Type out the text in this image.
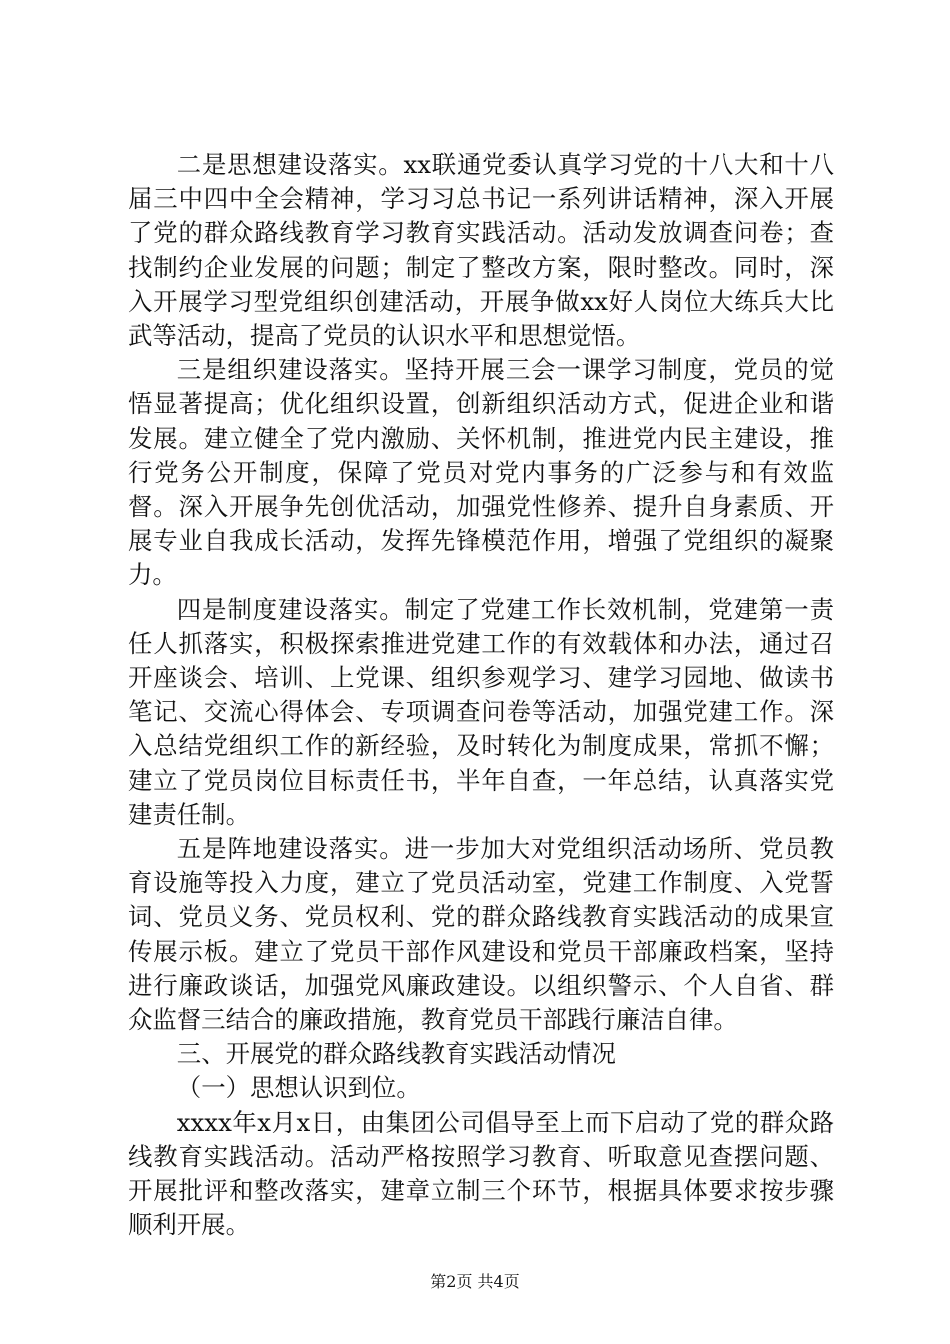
二是思想建设落实。xx联通党委认真学习党的十八大和十八届三中四中全会精神，学习习总书记一系列讲话精神，深入开展了党的群众路线教育学习教育实践活动。活动发放调查问卷；查找制约企业发展的问题；制定了整改方案，限时整改。同时，深入开展学习型党组织创建活动，开展争做xx好人岗位大练兵大比武等活动，提高了党员的认识水平和思想觉悟。

三是组织建设落实。坚持开展三会一课学习制度，党员的觉悟显著提高；优化组织设置，创新组织活动方式，促进企业和谐发展。建立健全了党内激励、关怀机制，推进党内民主建设，推行党务公开制度，保障了党员对党内事务的广泛参与和有效监督。深入开展争先创优活动，加强党性修养、提升自身素质、开展专业自我成长活动，发挥先锋模范作用，增强了党组织的凝聚力。

四是制度建设落实。制定了党建工作长效机制，党建第一责任人抓落实，积极探索推进党建工作的有效载体和办法，通过召开座谈会、培训、上党课、组织参观学习、建学习园地、做读书笔记、交流心得体会、专项调查问卷等活动，加强党建工作。深入总结党组织工作的新经验，及时转化为制度成果，常抓不懈；建立了党员岗位目标责任书，半年自查，一年总结，认真落实党建责任制。

五是阵地建设落实。进一步加大对党组织活动场所、党员教育设施等投入力度，建立了党员活动室，党建工作制度、入党誓词、党员义务、党员权利、党的群众路线教育实践活动的成果宣传展示板。建立了党员干部作风建设和党员干部廉政档案，坚持进行廉政谈话，加强党风廉政建设。以组织警示、个人自省、群众监督三结合的廉政措施，教育党员干部践行廉洁自律。

三、开展党的群众路线教育实践活动情况

（一）思想认识到位。

xxxx年x月x日，由集团公司倡导至上而下启动了党的群众路线教育实践活动。活动严格按照学习教育、听取意见查摆问题、开展批评和整改落实，建章立制三个环节，根据具体要求按步骤顺利开展。

第2页 共4页
